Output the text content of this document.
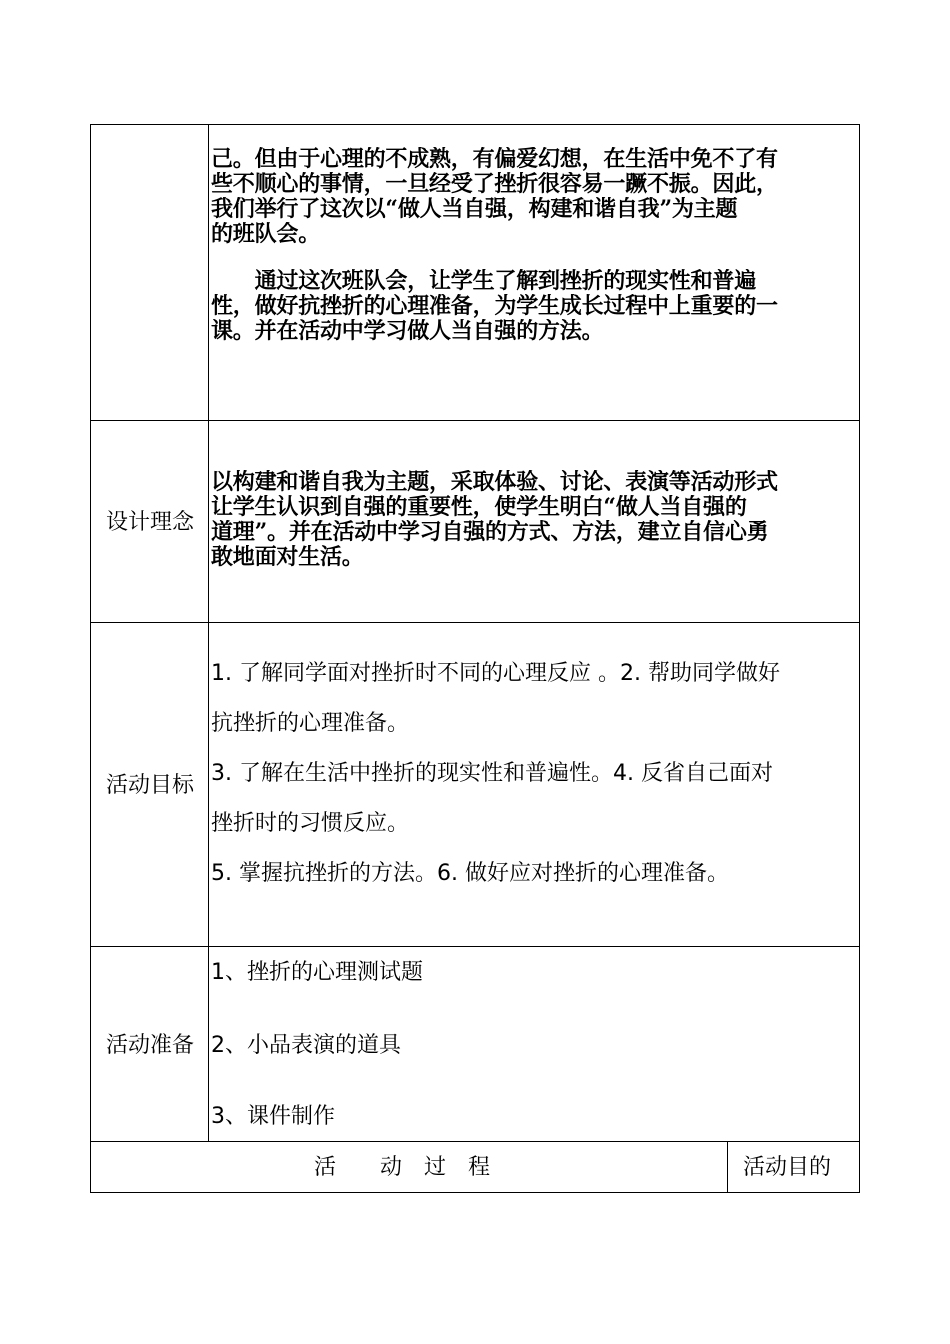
己。但由于心理的不成熟，有偏爱幻想，在生活中免不了有
些不顺心的事情，一旦经受了挫折很容易一蹶不振。因此，
我们举行了这次以“做人当自强，构建和谐自我”为主题
的班队会。
　　通过这次班队会，让学生了解到挫折的现实性和普遍
性，做好抗挫折的心理准备，为学生成长过程中上重要的一
课。并在活动中学习做人当自强的方法。
设计理念
以构建和谐自我为主题，采取体验、讨论、表演等活动形式
让学生认识到自强的重要性，使学生明白“做人当自强的
道理”。并在活动中学习自强的方式、方法，建立自信心勇
敢地面对生活。
活动目标
1. 了解同学面对挫折时不同的心理反应 。2. 帮助同学做好
抗挫折的心理准备。
3. 了解在生活中挫折的现实性和普遍性。4. 反省自己面对
挫折时的习惯反应。
5. 掌握抗挫折的方法。6. 做好应对挫折的心理准备。
活动准备
1、挫折的心理测试题
2、小品表演的道具
3、课件制作
活　　动　过　程	活动目的
